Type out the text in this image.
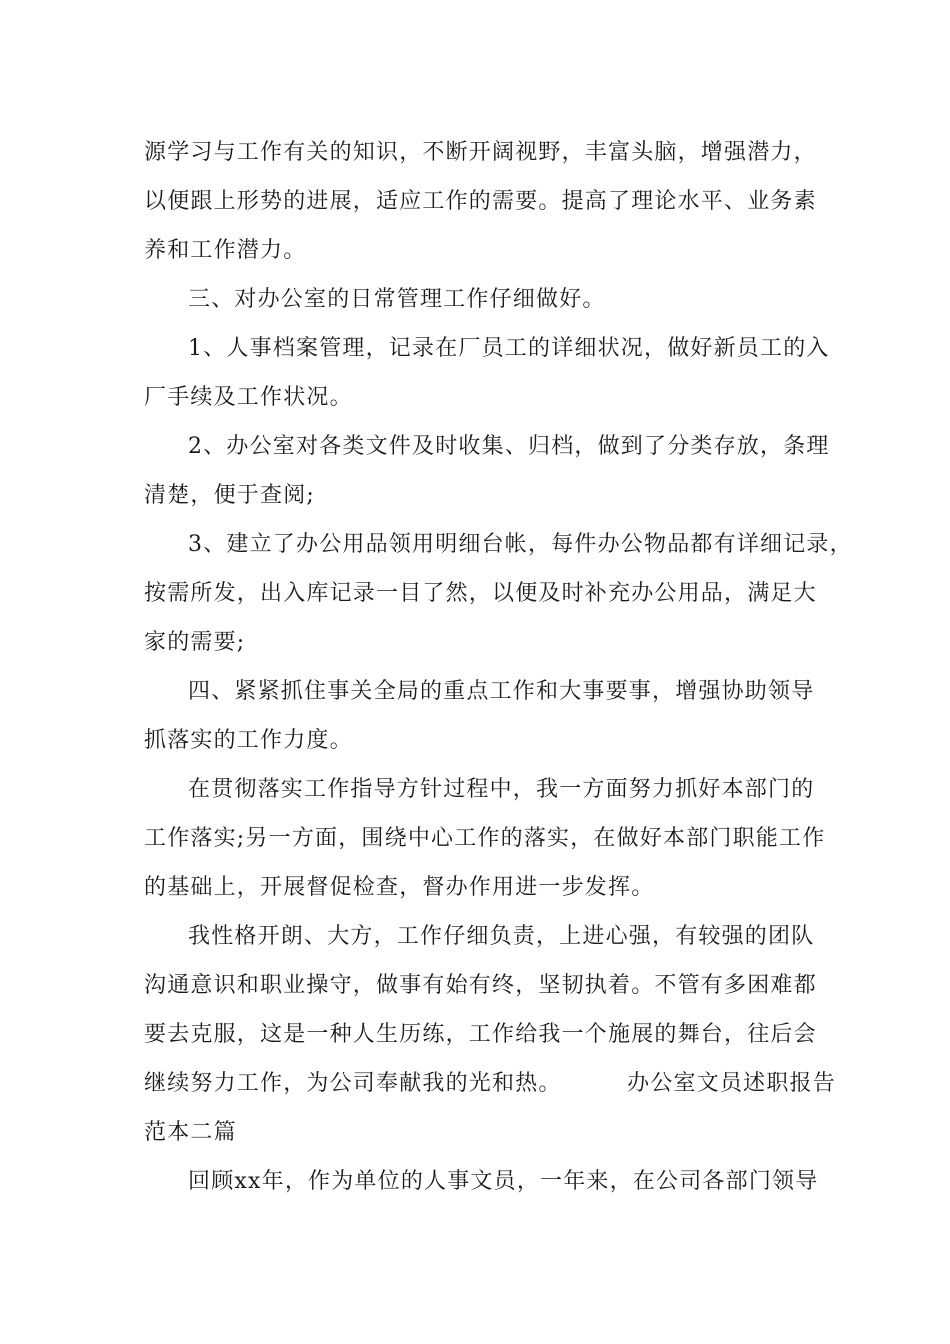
源学习与工作有关的知识，不断开阔视野，丰富头脑，增强潜力，
以便跟上形势的进展，适应工作的需要。提高了理论水平、业务素
养和工作潜力。
三、对办公室的日常管理工作仔细做好。
1、人事档案管理，记录在厂员工的详细状况，做好新员工的入
厂手续及工作状况。
2、办公室对各类文件及时收集、归档，做到了分类存放，条理
清楚，便于查阅;
3、建立了办公用品领用明细台帐，每件办公物品都有详细记录，
按需所发，出入库记录一目了然，以便及时补充办公用品，满足大
家的需要;
四、紧紧抓住事关全局的重点工作和大事要事，增强协助领导
抓落实的工作力度。
在贯彻落实工作指导方针过程中，我一方面努力抓好本部门的
工作落实;另一方面，围绕中心工作的落实，在做好本部门职能工作
的基础上，开展督促检查，督办作用进一步发挥。
我性格开朗、大方，工作仔细负责，上进心强，有较强的团队
沟通意识和职业操守，做事有始有终，坚韧执着。不管有多困难都
要去克服，这是一种人生历练，工作给我一个施展的舞台，往后会
继续努力工作，为公司奉献我的光和热。        办公室文员述职报告
范本二篇
回顾xx年，作为单位的人事文员，一年来，在公司各部门领导
